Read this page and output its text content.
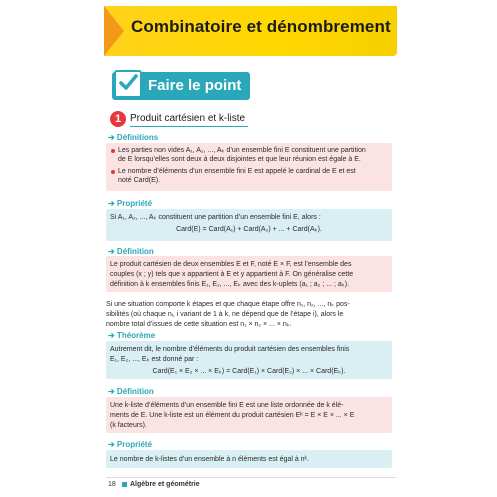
Combinatoire et dénombrement
Faire le point
1 Produit cartésien et k-liste
➔ Définitions
Les parties non vides A₁, A₂, ..., Aₖ d’un ensemble fini E constituent une partition
de E lorsqu’elles sont deux à deux disjointes et que leur réunion est égale à E.
Le nombre d’éléments d’un ensemble fini E est appelé le cardinal de E et est
noté Card(E).
➔ Propriété
Si A₁, A₂, ..., Aₖ constituent une partition d’un ensemble fini E, alors :
Card(E) = Card(A₁) + Card(A₂) + ... + Card(Aₖ).
➔ Définition
Le produit cartésien de deux ensembles E et F, noté E × F, est l’ensemble des
couples (x ; y) tels que x appartient à E et y appartient à F. On généralise cette
définition à k ensembles finis E₁, E₂, ..., Eₖ avec des k-uplets (a₁ ; a₂ ; ... ; aₖ).
Si une situation comporte k étapes et que chaque étape offre n₁, n₂, ..., nₖ pos-
sibilités (où chaque nᵢ, i variant de 1 à k, ne dépend que de l’étape i), alors le
nombre total d’issues de cette situation est n₁ × n₂ × ... × nₖ.
➔ Théorème
Autrement dit, le nombre d’éléments du produit cartésien des ensembles finis
E₁, E₂, ..., Eₖ est donné par :
Card(E₁ × E₂ × ... × Eₖ) = Card(E₁) × Card(E₂) × ... × Card(Eₖ).
➔ Définition
Une k-liste d’éléments d’un ensemble fini E est une liste ordonnée de k élé-
ments de E. Une k-liste est un élément du produit cartésien Eᵏ = E × E × ... × E
(k facteurs).
➔ Propriété
Le nombre de k-listes d’un ensemble à n éléments est égal à nᵏ.
18 Algèbre et géométrie
